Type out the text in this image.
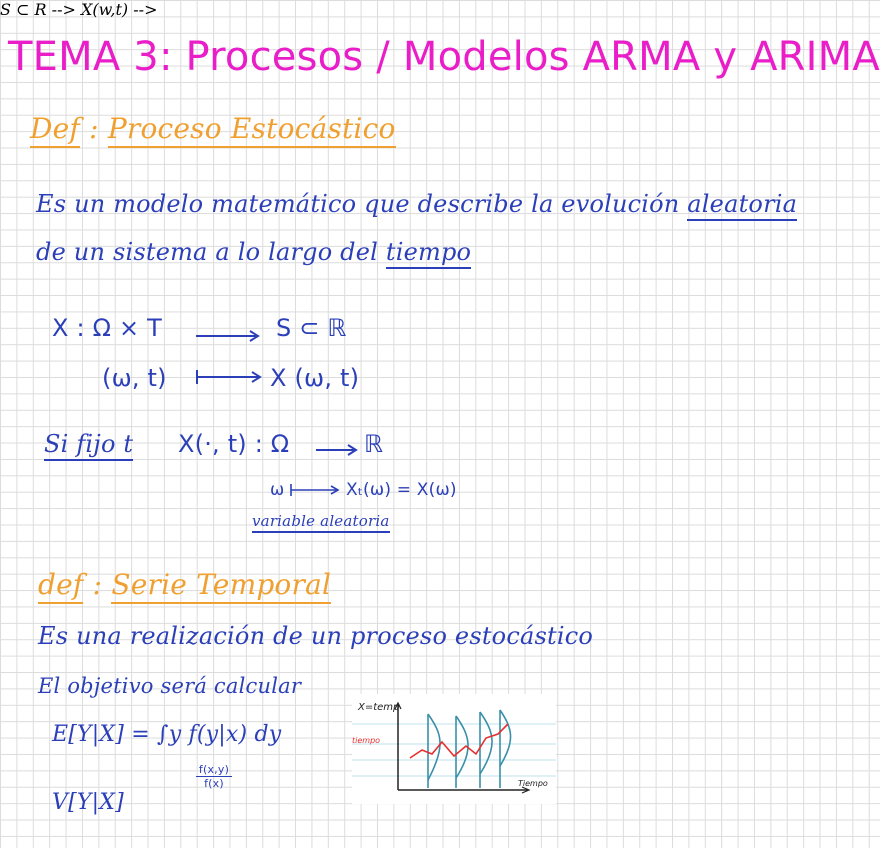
TEMA 3: Procesos / Modelos ARMA y ARIMA
Def : Proceso Estocástico
Es un modelo matemático que describe la evolución aleatoria
de un sistema a lo largo del tiempo
S ⊂ R -->
X : Ω × T	S ⊂ ℝ
X(w,t) -->
(ω, t)	X (ω, t)
Si fijo t X(·, t) : Ω	ℝ
ω	Xₜ(ω) = X(ω)
variable aleatoria
def : Serie Temporal
Es una realización de un proceso estocástico
El objetivo será calcular
E[Y|X] = ∫y f(y|x) dy
$\frac{f(x,y)}{f(x)}$
V[Y|X]
X=temp
Tiempo
tiempo
